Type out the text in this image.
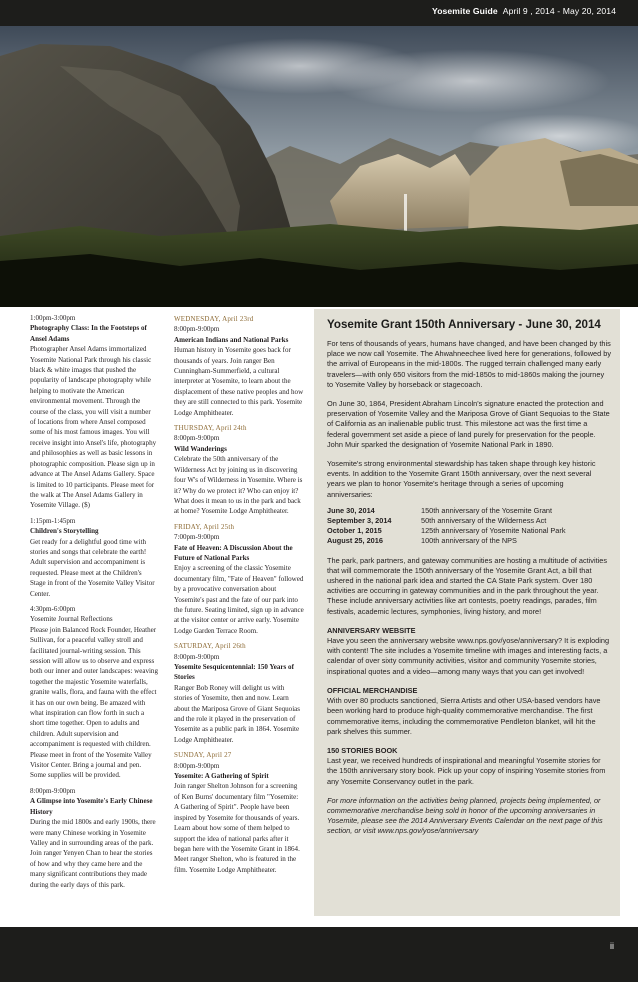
Yosemite Guide April 9 , 2014 - May 20, 2014
1:00pm-3:00pm
Photography Class: In the Footsteps of Ansel Adams
Photographer Ansel Adams immortalized Yosemite National Park through his classic black & white images that pushed the popularity of landscape photography while helping to motivate the American environmental movement. Through the course of the class, you will visit a number of locations from where Ansel composed some of his most famous images. You will receive insight into Ansel's life, photography and philosophies as well as basic lessons in photographic composition. Please sign up in advance at The Ansel Adams Gallery. Space is limited to 10 participants. Please meet for the walk at The Ansel Adams Gallery in Yosemite Village. ($)
1:15pm-1:45pm
Children's Storytelling
Get ready for a delightful good time with stories and songs that celebrate the earth! Adult supervision and accompaniment is requested. Please meet at the Children's Stage in front of the Yosemite Valley Visitor Center.
4:30pm-6:00pm
Yosemite Journal Reflections
Please join Balanced Rock Founder, Heather Sullivan, for a peaceful valley stroll and facilitated journal-writing session. This session will allow us to observe and express both our inner and outer landscapes: weaving together the majestic Yosemite waterfalls, granite walls, flora, and fauna with the effect it has on our own being. Be amazed with what inspiration can flow forth in such a short time together. Open to adults and children. Adult supervision and accompaniment is requested with children. Please meet in front of the Yosemite Valley Visitor Center. Bring a journal and pen. Some supplies will be provided.
8:00pm-9:00pm
A Glimpse into Yosemite's Early Chinese History
During the mid 1800s and early 1900s, there were many Chinese working in Yosemite Valley and in surrounding areas of the park. Join ranger Yenyen Chan to hear the stories of how and why they came here and the many significant contributions they made during the early days of this park.
WEDNESDAY, April 23rd
8:00pm-9:00pm
American Indians and National Parks
Human history in Yosemite goes back for thousands of years. Join ranger Ben Cunningham-Summerfield, a cultural interpreter at Yosemite, to learn about the displacement of these native peoples and how they are still connected to this park. Yosemite Lodge Amphitheater.
THURSDAY, April 24th
8:00pm-9:00pm
Wild Wanderings
Celebrate the 50th anniversary of the Wilderness Act by joining us in discovering four W's of Wilderness in Yosemite. Where is it? Why do we protect it? Who can enjoy it? What does it mean to us in the park and back at home? Yosemite Lodge Amphitheater.
FRIDAY, April 25th
7:00pm-9:00pm
Fate of Heaven: A Discussion About the Future of National Parks
Enjoy a screening of the classic Yosemite documentary film, "Fate of Heaven" followed by a provocative conversation about Yosemite's past and the fate of our park into the future. Seating limited, sign up in advance at the visitor center or arrive early. Yosemite Lodge Garden Terrace Room.
SATURDAY, April 26th
8:00pm-9:00pm
Yosemite Sesquicentennial: 150 Years of Stories
Ranger Bob Roney will delight us with stories of Yosemite, then and now. Learn about the Mariposa Grove of Giant Sequoias and the role it played in the preservation of Yosemite as a public park in 1864. Yosemite Lodge Amphitheater.
SUNDAY, April 27
8:00pm-9:00pm
Yosemite: A Gathering of Spirit
Join ranger Shelton Johnson for a screening of Ken Burns' documentary film "Yosemite: A Gathering of Spirit". People have been inspired by Yosemite for thousands of years. Learn about how some of them helped to support the idea of national parks after it began here with the Yosemite Grant in 1864. Meet ranger Shelton, who is featured in the film. Yosemite Lodge Amphitheater.
Yosemite Grant 150th Anniversary - June 30, 2014

For tens of thousands of years, humans have changed, and have been changed by this place we now call Yosemite. The Ahwahneechee lived here for generations, followed by the arrival of Europeans in the mid-1800s. The rugged terrain challenged many early travelers—with only 650 visitors from the mid-1850s to mid-1860s making the journey to Yosemite Valley by horseback or stagecoach.

On June 30, 1864, President Abraham Lincoln's signature enacted the protection and preservation of Yosemite Valley and the Mariposa Grove of Giant Sequoias to the State of California as an inalienable public trust. This milestone act was the first time a federal government set aside a piece of land purely for preservation for the people. John Muir sparked the designation of Yosemite National Park in 1890.

Yosemite's strong environmental stewardship has taken shape through key historic events. In addition to the Yosemite Grant 150th anniversary, over the next several years we plan to honor Yosemite's heritage through a series of upcoming anniversaries:

June 30, 2014	150th anniversary of the Yosemite Grant
September 3, 2014	50th anniversary of the Wilderness Act
October 1, 2015	125th anniversary of Yosemite National Park
August 25, 2016	100th anniversary of the NPS

The park, park partners, and gateway communities are hosting a multitude of activities that will commemorate the 150th anniversary of the Yosemite Grant Act, a bill that ushered in the national park idea and started the CA State Park system. Over 180 activities are occurring in gateway communities and in the park throughout the year. These include anniversary activities like art contests, poetry readings, parades, film festivals, academic lectures, symphonies, living history, and more!

ANNIVERSARY WEBSITE
Have you seen the anniversary website www.nps.gov/yose/anniversary? It is exploding with content! The site includes a Yosemite timeline with images and interesting facts, a calendar of over sixty community activities, visitor and community Yosemite stories, inspirational quotes and a video—among many ways that you can get involved!
OFFICIAL MERCHANDISE
With over 80 products sanctioned, Sierra Artists and other USA-based vendors have been working hard to produce high-quality commemorative merchandise. The first commemorative items, including the commemorative Pendleton blanket, will hit the park shelves this summer.
150 STORIES BOOK
Last year, we received hundreds of inspirational and meaningful Yosemite stories for the 150th anniversary story book. Pick up your copy of inspiring Yosemite stories from any Yosemite Conservancy outlet in the park.

For more information on the activities being planned, projects being implemented, or commemorative merchandise being sold in honor of the upcoming anniversaries in Yosemite, please see the 2014 Anniversary Events Calendar on the next page of this section, or visit www.nps.gov/yose/anniversary

ii
